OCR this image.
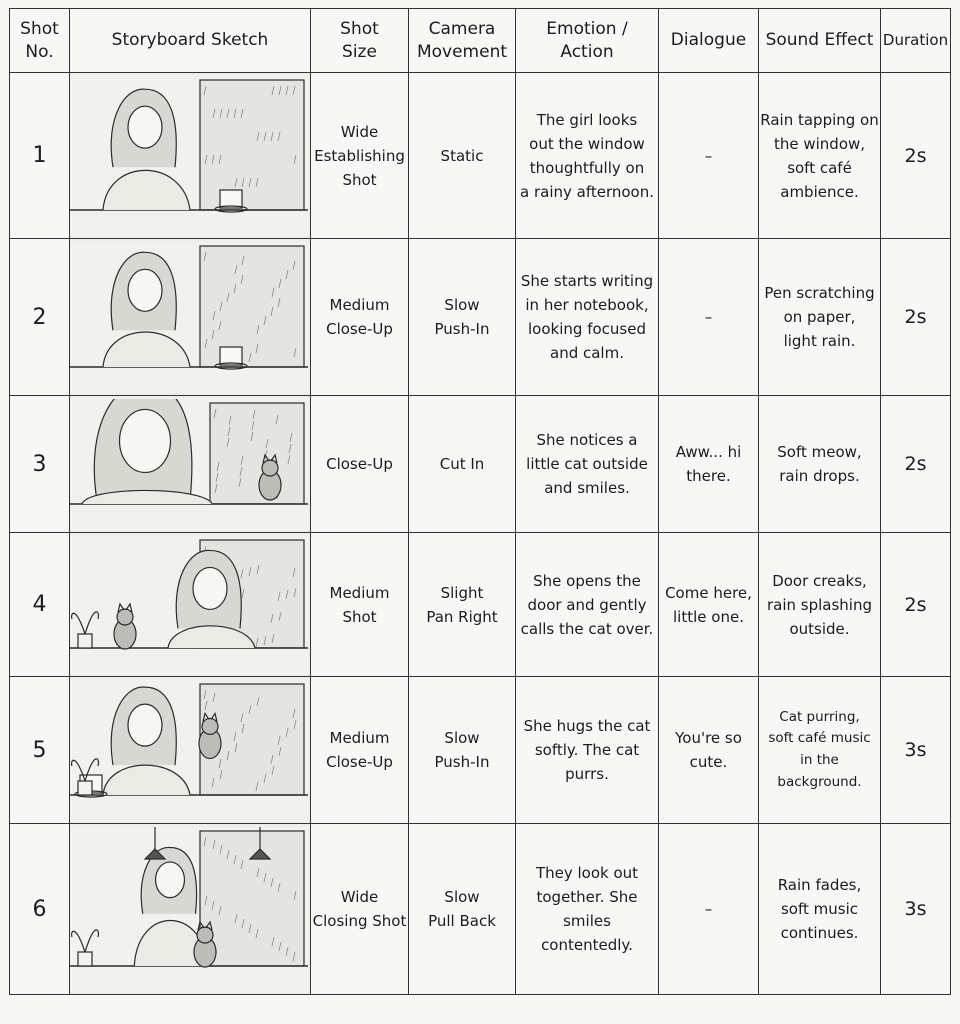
Shot
No.	Storyboard Sketch	Shot
Size	Camera
Movement	Emotion /
Action	Dialogue	Sound Effect	Duration
1		Wide
Establishing
Shot	Static	The girl looks
out the window
thoughtfully on
a rainy afternoon.	–	Rain tapping on
the window,
soft café
ambience.	2s
2		Medium
Close-Up	Slow
Push-In	She starts writing
in her notebook,
looking focused
and calm.	–	Pen scratching
on paper,
light rain.	2s
3		Close-Up	Cut In	She notices a
little cat outside
and smiles.	Aww... hi
there.	Soft meow,
rain drops.	2s
4		Medium
Shot	Slight
Pan Right	She opens the
door and gently
calls the cat over.	Come here,
little one.	Door creaks,
rain splashing
outside.	2s
5		Medium
Close-Up	Slow
Push-In	She hugs the cat
softly. The cat
purrs.	You're so
cute.	Cat purring,
soft café music
in the background.	3s
6		Wide
Closing Shot	Slow
Pull Back	They look out
together. She
smiles contentedly.	–	Rain fades,
soft music
continues.	3s
